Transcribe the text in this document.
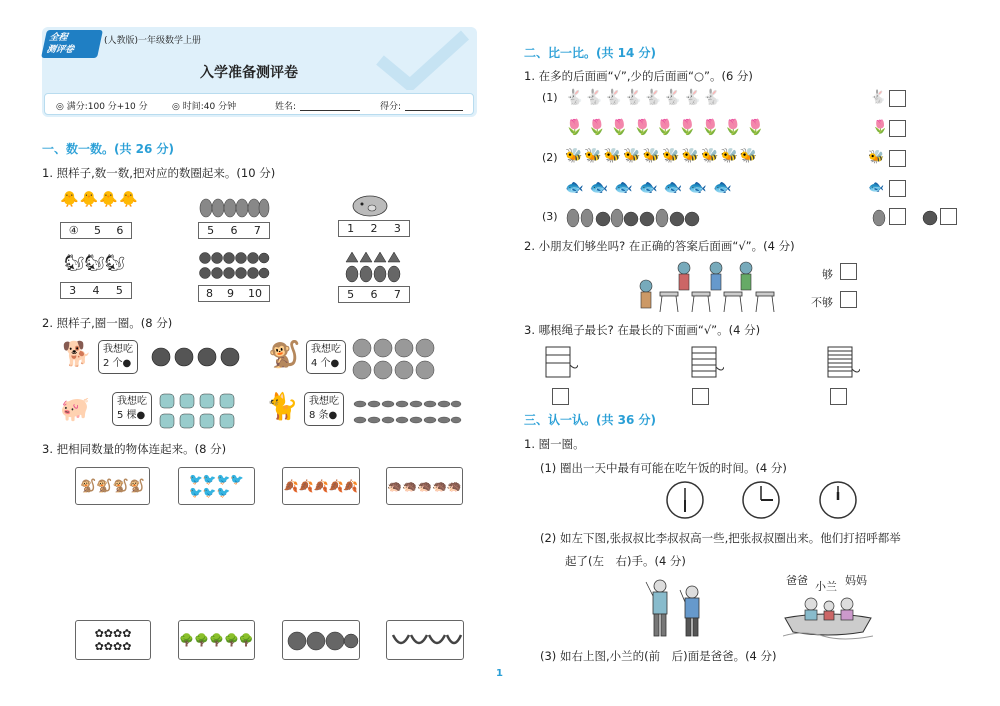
全程
测评卷
(人教版)一年级数学上册
入学准备测评卷
◎ 满分:100 分+10 分	◎ 时间:40 分钟	姓名:	得分:
一、数一数。(共 26 分)
1. 照样子,数一数,把对应的数圈起来。(10 分)
🐥🐥🐥🐥
④ 5 6	5 6 7	1 2 3
🐿🐿🐿
3 4 5	8 9 10	5 6 7
2. 照样子,圈一圈。(8 分)
🐕 我想吃
2 个●	🐒 我想吃
4 个●
🐖	我想吃
5 棵●	🐈 我想吃
8 条●
3. 把相同数量的物体连起来。(8 分)
🐒🐒🐒🐒	🐦🐦🐦🐦
🐦🐦🐦	🍂🍂🍂🍂🍂 🦔🦔🦔🦔🦔
✿✿✿✿
✿✿✿✿	🌳🌳🌳🌳🌳
二、比一比。(共 14 分)
1. 在多的后面画“√”,少的后面画“○”。(6 分)
(1) 🐇🐇🐇🐇🐇🐇🐇🐇
🌷🌷🌷🌷🌷🌷🌷🌷🌷
🐇
🌷
(2) 🐝🐝🐝🐝🐝🐝🐝🐝🐝🐝
🐟🐟🐟🐟🐟🐟🐟
🐝
🐟
(3)
2. 小朋友们够坐吗? 在正确的答案后面画“√”。(4 分)
够
不够
3. 哪根绳子最长? 在最长的下面画“√”。(4 分)
三、认一认。(共 36 分)
1. 圈一圈。
(1) 圈出一天中最有可能在吃午饭的时间。(4 分)
(2) 如左下图,张叔叔比李叔叔高一些,把张叔叔圈出来。他们打招呼都举
起了(左　右)手。(4 分)
爸爸 小兰 妈妈
(3) 如右上图,小兰的(前　后)面是爸爸。(4 分)
1
